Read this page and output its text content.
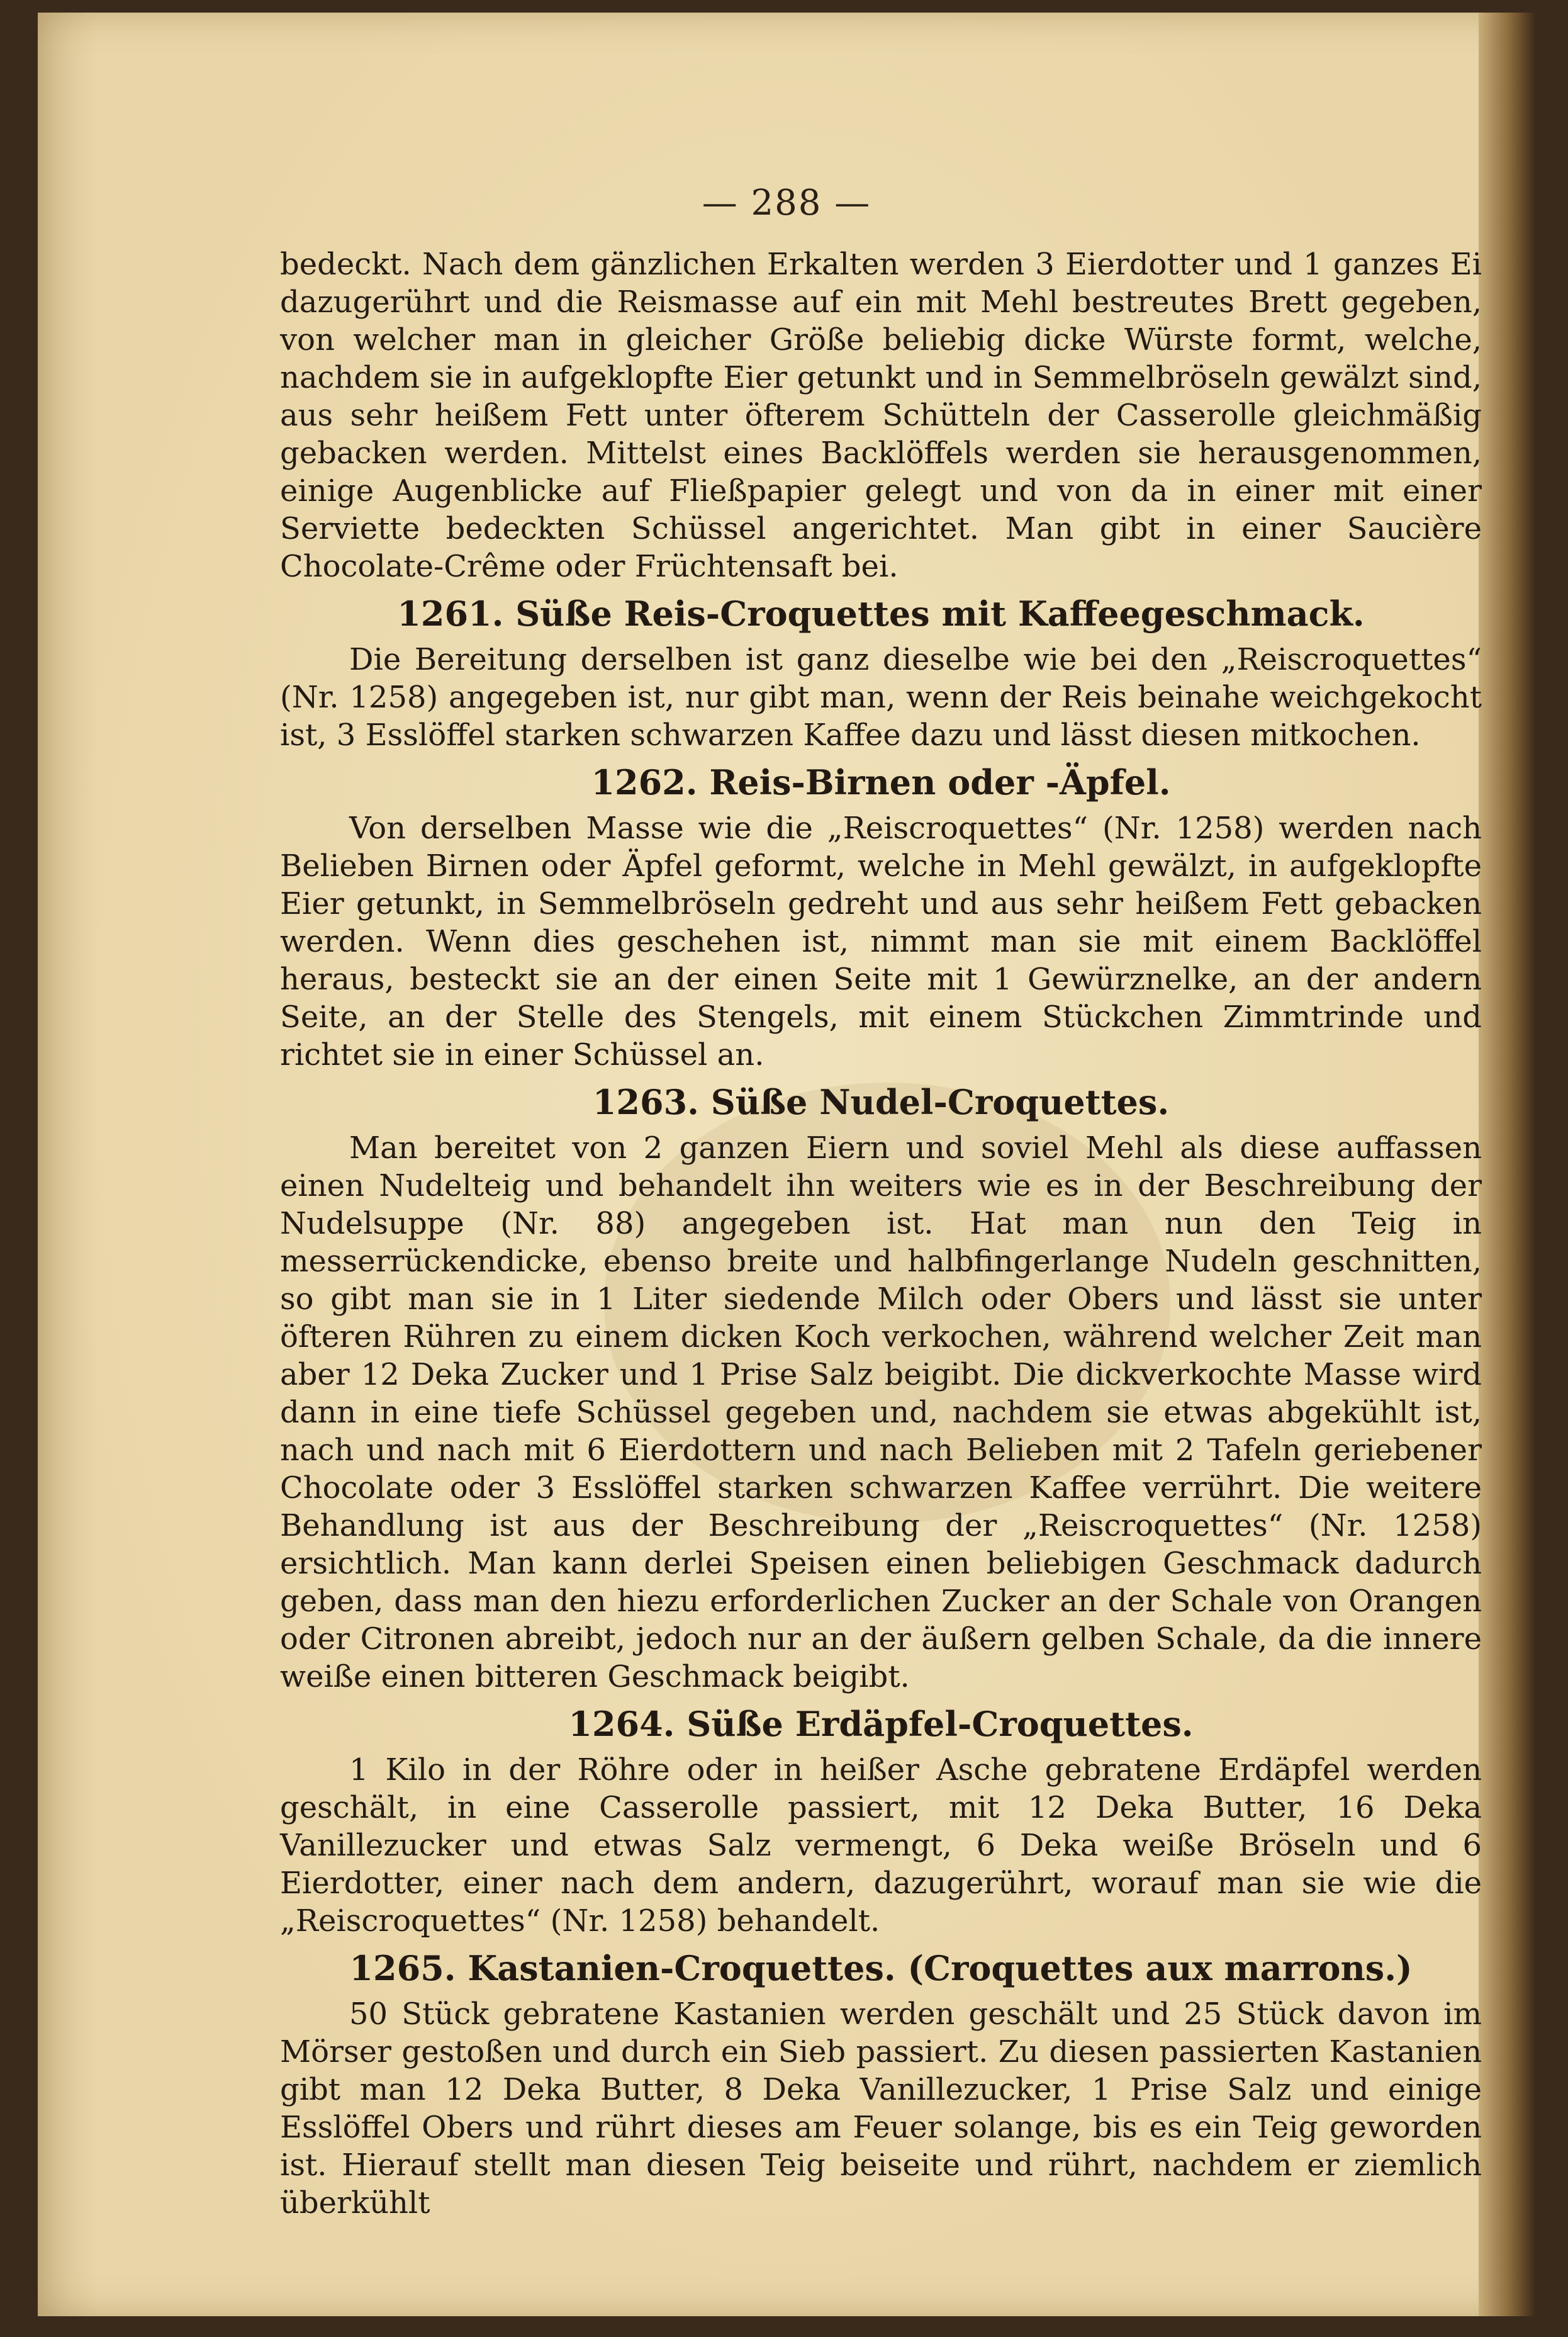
— 288 —

bedeckt. Nach dem gänzlichen Erkalten werden 3 Eierdotter und 1 ganzes Ei dazugerührt und die Reismasse auf ein mit Mehl bestreutes Brett gegeben, von welcher man in gleicher Größe beliebig dicke Würste formt, welche, nachdem sie in aufgeklopfte Eier getunkt und in Semmelbröseln gewälzt sind, aus sehr heißem Fett unter öfterem Schütteln der Casserolle gleichmäßig gebacken werden. Mittelst eines Backlöffels werden sie herausgenommen, einige Augenblicke auf Fließpapier gelegt und von da in einer mit einer Serviette bedeckten Schüssel angerichtet. Man gibt in einer Saucière Chocolate-Crême oder Früchtensaft bei.

1261. Süße Reis-Croquettes mit Kaffeegeschmack.

Die Bereitung derselben ist ganz dieselbe wie bei den „Reiscroquettes“ (Nr. 1258) angegeben ist, nur gibt man, wenn der Reis beinahe weichgekocht ist, 3 Esslöffel starken schwarzen Kaffee dazu und lässt diesen mitkochen.

1262. Reis-Birnen oder -Äpfel.

Von derselben Masse wie die „Reiscroquettes“ (Nr. 1258) werden nach Belieben Birnen oder Äpfel geformt, welche in Mehl gewälzt, in aufgeklopfte Eier getunkt, in Semmelbröseln gedreht und aus sehr heißem Fett gebacken werden. Wenn dies geschehen ist, nimmt man sie mit einem Backlöffel heraus, besteckt sie an der einen Seite mit 1 Gewürznelke, an der andern Seite, an der Stelle des Stengels, mit einem Stückchen Zimmtrinde und richtet sie in einer Schüssel an.

1263. Süße Nudel-Croquettes.

Man bereitet von 2 ganzen Eiern und soviel Mehl als diese auffassen einen Nudelteig und behandelt ihn weiters wie es in der Beschreibung der Nudelsuppe (Nr. 88) angegeben ist. Hat man nun den Teig in messerrückendicke, ebenso breite und halbfingerlange Nudeln geschnitten, so gibt man sie in 1 Liter siedende Milch oder Obers und lässt sie unter öfteren Rühren zu einem dicken Koch verkochen, während welcher Zeit man aber 12 Deka Zucker und 1 Prise Salz beigibt. Die dickverkochte Masse wird dann in eine tiefe Schüssel gegeben und, nachdem sie etwas abgekühlt ist, nach und nach mit 6 Eierdottern und nach Belieben mit 2 Tafeln geriebener Chocolate oder 3 Esslöffel starken schwarzen Kaffee verrührt. Die weitere Behandlung ist aus der Beschreibung der „Reiscroquettes“ (Nr. 1258) ersichtlich. Man kann derlei Speisen einen beliebigen Geschmack dadurch geben, dass man den hiezu erforderlichen Zucker an der Schale von Orangen oder Citronen abreibt, jedoch nur an der äußern gelben Schale, da die innere weiße einen bitteren Geschmack beigibt.

1264. Süße Erdäpfel-Croquettes.

1 Kilo in der Röhre oder in heißer Asche gebratene Erdäpfel werden geschält, in eine Casserolle passiert, mit 12 Deka Butter, 16 Deka Vanillezucker und etwas Salz vermengt, 6 Deka weiße Bröseln und 6 Eierdotter, einer nach dem andern, dazugerührt, worauf man sie wie die „Reiscroquettes“ (Nr. 1258) behandelt.

1265. Kastanien-Croquettes. (Croquettes aux marrons.)

50 Stück gebratene Kastanien werden geschält und 25 Stück davon im Mörser gestoßen und durch ein Sieb passiert. Zu diesen passierten Kastanien gibt man 12 Deka Butter, 8 Deka Vanillezucker, 1 Prise Salz und einige Esslöffel Obers und rührt dieses am Feuer solange, bis es ein Teig geworden ist. Hierauf stellt man diesen Teig beiseite und rührt, nachdem er ziemlich überkühlt
